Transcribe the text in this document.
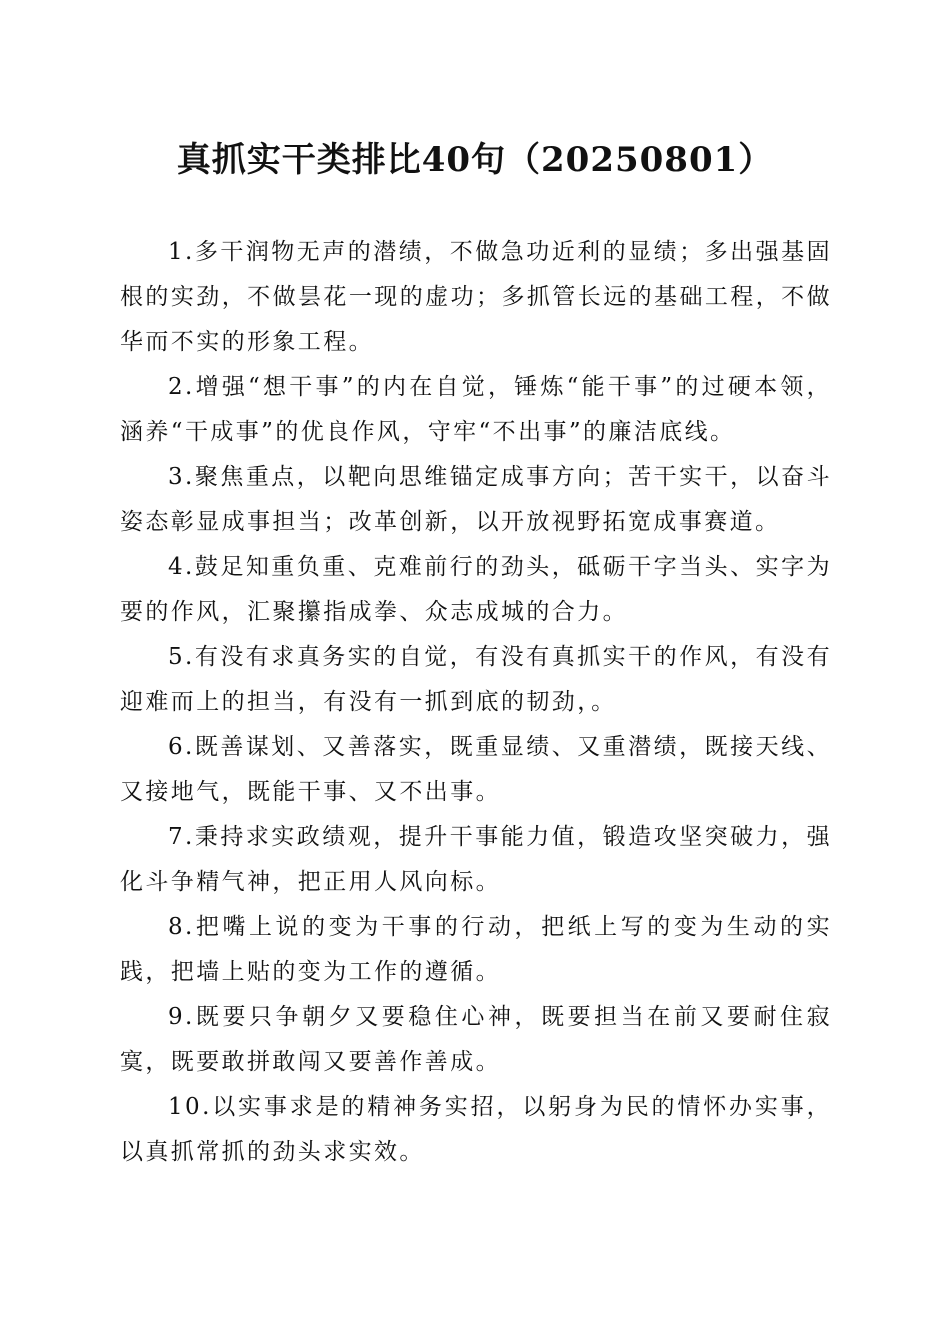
真抓实干类排比40句（20250801）

1.多干润物无声的潜绩，不做急功近利的显绩；多出强基固根的实劲，不做昙花一现的虚功；多抓管长远的基础工程，不做华而不实的形象工程。

2.增强“想干事”的内在自觉，锤炼“能干事”的过硬本领，涵养“干成事”的优良作风，守牢“不出事”的廉洁底线。

3.聚焦重点，以靶向思维锚定成事方向；苦干实干，以奋斗姿态彰显成事担当；改革创新，以开放视野拓宽成事赛道。

4.鼓足知重负重、克难前行的劲头，砥砺干字当头、实字为要的作风，汇聚攥指成拳、众志成城的合力。

5.有没有求真务实的自觉，有没有真抓实干的作风，有没有迎难而上的担当，有没有一抓到底的韧劲，。

6.既善谋划、又善落实，既重显绩、又重潜绩，既接天线、又接地气，既能干事、又不出事。

7.秉持求实政绩观，提升干事能力值，锻造攻坚突破力，强化斗争精气神，把正用人风向标。

8.把嘴上说的变为干事的行动，把纸上写的变为生动的实践，把墙上贴的变为工作的遵循。

9.既要只争朝夕又要稳住心神，既要担当在前又要耐住寂寞，既要敢拼敢闯又要善作善成。

10.以实事求是的精神务实招，以躬身为民的情怀办实事，以真抓常抓的劲头求实效。
